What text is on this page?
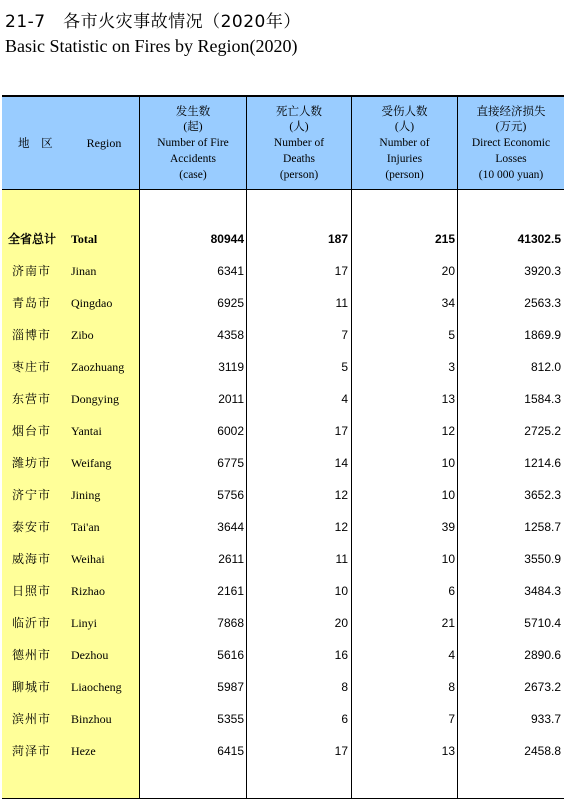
21-7　各市火灾事故情况（2020年）
Basic Statistic on Fires by Region(2020)
地 区	Region
发生数
(起)
Number of Fire
Accidents
(case)
死亡人数
(人)
Number of
Deaths
(person)
受伤人数
(人)
Number of
Injuries
(person)
直接经济损失
(万元)
Direct Economic
Losses
(10 000 yuan)
全省总计 Total	80944	187	215	41302.5
济南市 Jinan	6341	17	20	3920.3
青岛市 Qingdao	6925	11	34	2563.3
淄博市 Zibo	4358	7	5	1869.9
枣庄市 Zaozhuang	3119	5	3	812.0
东营市 Dongying	2011	4	13	1584.3
烟台市 Yantai	6002	17	12	2725.2
潍坊市 Weifang	6775	14	10	1214.6
济宁市 Jining	5756	12	10	3652.3
泰安市 Tai'an	3644	12	39	1258.7
威海市 Weihai	2611	11	10	3550.9
日照市 Rizhao	2161	10	6	3484.3
临沂市 Linyi	7868	20	21	5710.4
德州市 Dezhou	5616	16	4	2890.6
聊城市 Liaocheng	5987	8	8	2673.2
滨州市 Binzhou	5355	6	7	933.7
菏泽市 Heze	6415	17	13	2458.8
